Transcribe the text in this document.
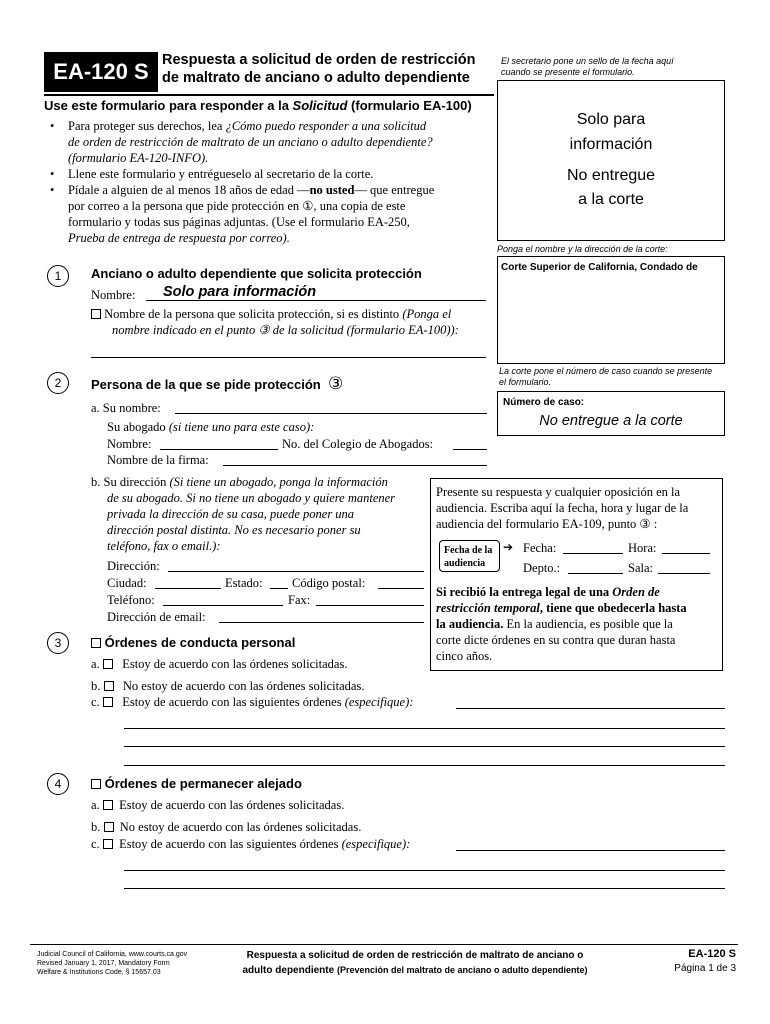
EA-120 S Respuesta a solicitud de orden de restricción
de maltrato de anciano o adulto dependiente
El secretario pone un sello de la fecha aquí cuando se presente el formulario.
Solo para
información
No entregue
a la corte
Ponga el nombre y la dirección de la corte:
Corte Superior de California, Condado de
La corte pone el número de caso cuando se presente el formulario.
Número de caso:
No entregue a la corte
Use este formulario para responder a la Solicitud (formulario EA-100)
• Para proteger sus derechos, lea ¿Cómo puedo responder a una solicitud
de orden de restricción de maltrato de un anciano o adulto dependiente?
(formulario EA-120-INFO).
• Llene este formulario y entrégueselo al secretario de la corte.
• Pídale a alguien de al menos 18 años de edad —no usted— que entregue
por correo a la persona que pide protección en ①, una copia de este
formulario y todas sus páginas adjuntas. (Use el formulario EA-250,
Prueba de entrega de respuesta por correo).
1	Anciano o adulto dependiente que solicita protección
Nombre: Solo para información
Nombre de la persona que solicita protección, si es distinto (Ponga el
nombre indicado en el punto ③ de la solicitud (formulario EA-100)):
2	Persona de la que se pide protección ③
a. Su nombre:
Su abogado (si tiene uno para este caso):
Nombre:	No. del Colegio de Abogados:
Nombre de la firma:
b. Su dirección (Si tiene un abogado, ponga la información
de su abogado. Si no tiene un abogado y quiere mantener
privada la dirección de su casa, puede poner una
dirección postal distinta. No es necesario poner su
teléfono, fax o email.):
Dirección:
Ciudad:	Estado: Código postal:
Teléfono:	Fax:
Dirección de email:
Presente su respuesta y cualquier oposición en la
audiencia. Escriba aquí la fecha, hora y lugar de la
audiencia del formulario EA-109, punto ③ :
Fecha de la
audiencia
➔ Fecha:	Hora:
Depto.:	Sala:
Si recibió la entrega legal de una Orden de
restricción temporal, tiene que obedecerla hasta
la audiencia. En la audiencia, es posible que la
corte dicte órdenes en su contra que duran hasta
cinco años.
3	Órdenes de conducta personal
a. Estoy de acuerdo con las órdenes solicitadas.
b. No estoy de acuerdo con las órdenes solicitadas.
c. Estoy de acuerdo con las siguientes órdenes (especifique):
4	Órdenes de permanecer alejado
a. Estoy de acuerdo con las órdenes solicitadas.
b. No estoy de acuerdo con las órdenes solicitadas.
c. Estoy de acuerdo con las siguientes órdenes (especifique):
Judicial Council of California, www.courts.ca.gov
Revised January 1, 2017, Mandatory Form
Welfare & Institutions Code, § 15657.03
Respuesta a solicitud de orden de restricción de maltrato de anciano o
adulto dependiente (Prevención del maltrato de anciano o adulto dependiente)
EA-120 S
Página 1 de 3
